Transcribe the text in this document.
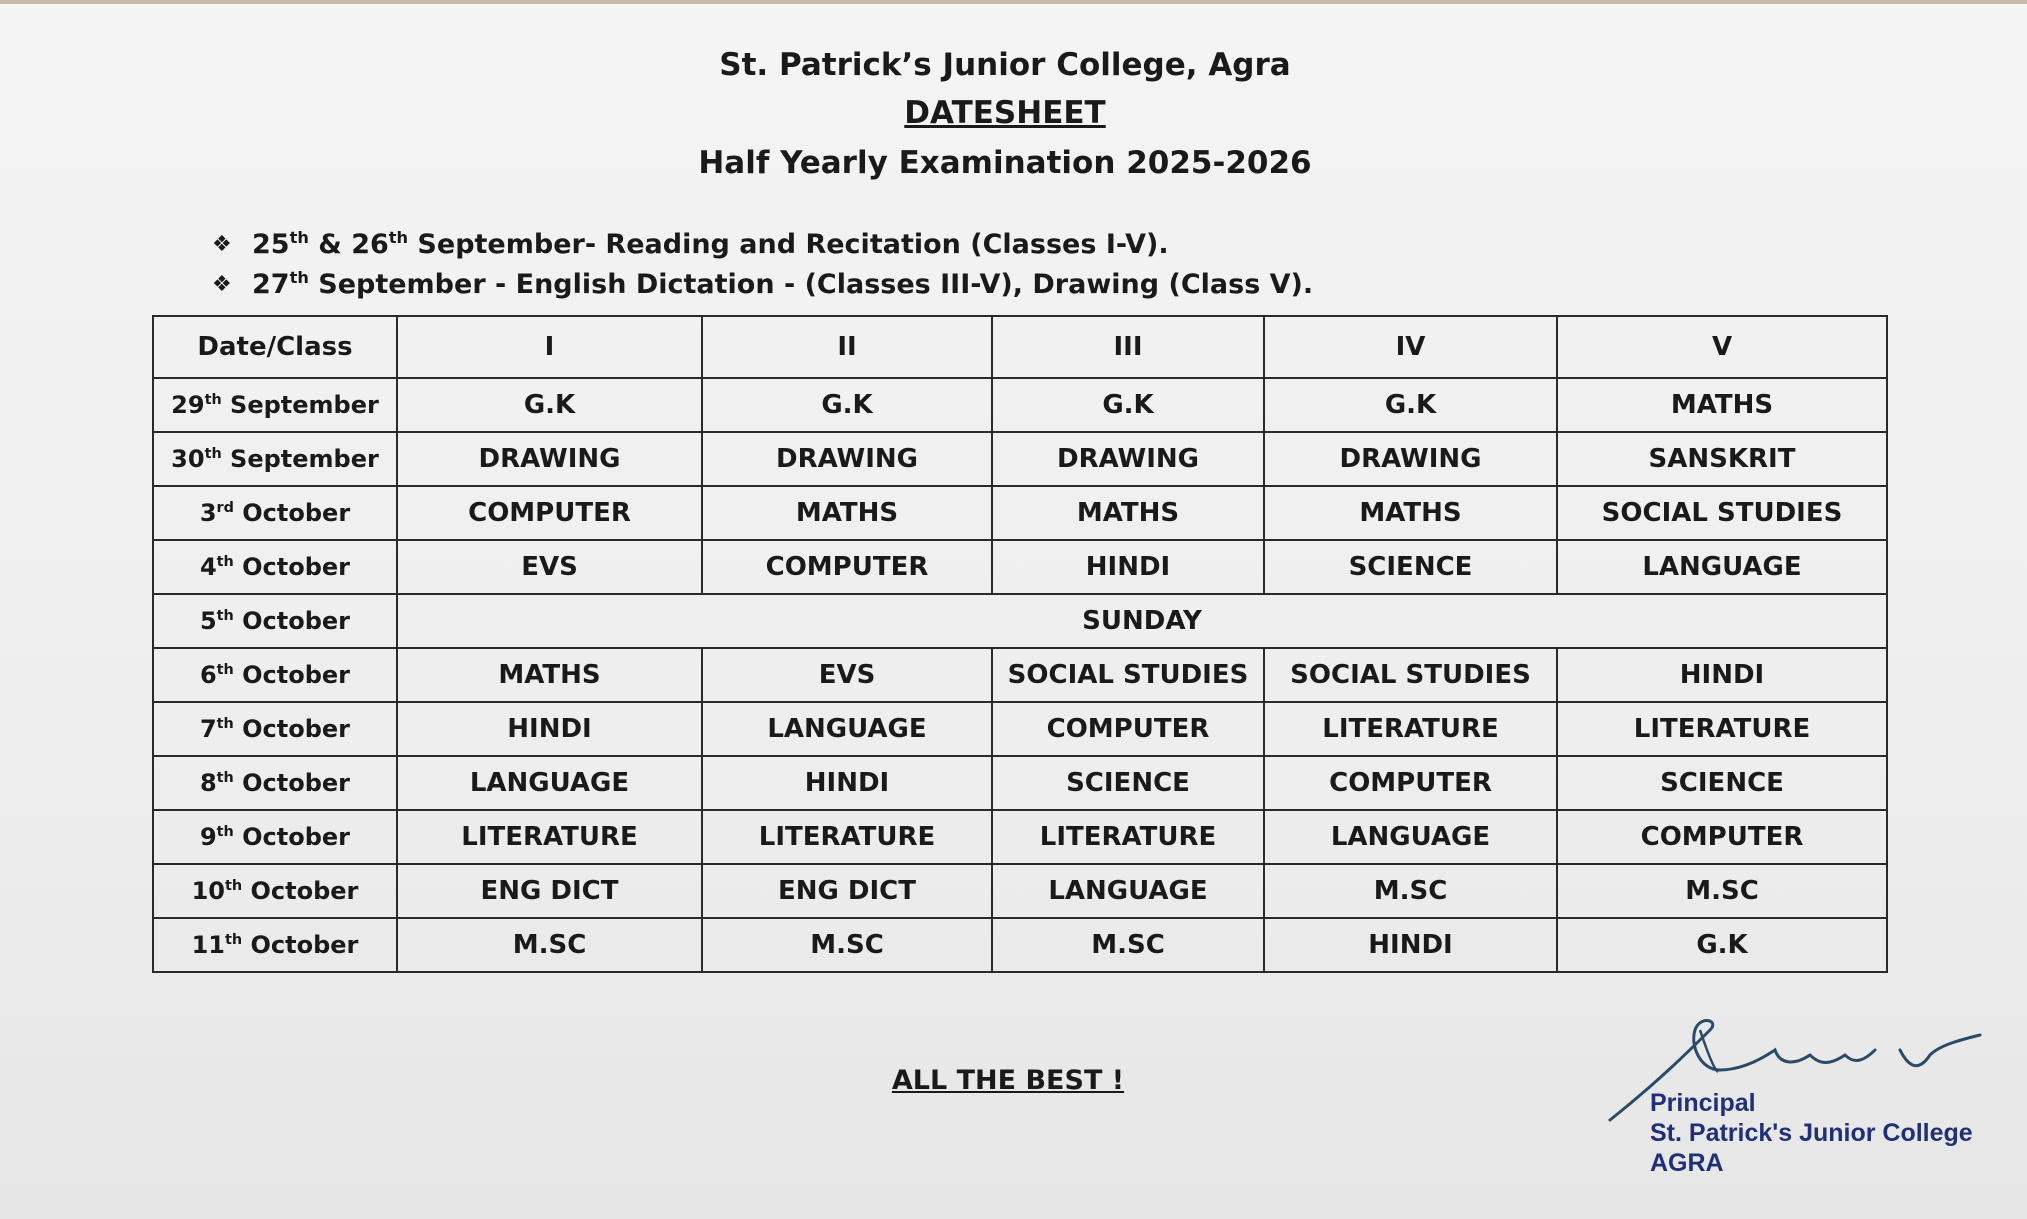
St. Patrick’s Junior College, Agra
DATESHEET
Half Yearly Examination 2025-2026
❖ 25th & 26th September- Reading and Recitation (Classes I-V).
❖ 27th September - English Dictation - (Classes III-V), Drawing (Class V).
Date/Class	I	II	III	IV	V
29th September	G.K	G.K	G.K	G.K	MATHS
30th September	DRAWING	DRAWING	DRAWING	DRAWING	SANSKRIT
3rd October	COMPUTER	MATHS	MATHS	MATHS	SOCIAL STUDIES
4th October	EVS	COMPUTER	HINDI	SCIENCE	LANGUAGE
5th October	SUNDAY				
6th October	MATHS	EVS	SOCIAL STUDIES	SOCIAL STUDIES	HINDI
7th October	HINDI	LANGUAGE	COMPUTER	LITERATURE	LITERATURE
8th October	LANGUAGE	HINDI	SCIENCE	COMPUTER	SCIENCE
9th October	LITERATURE	LITERATURE	LITERATURE	LANGUAGE	COMPUTER
10th October	ENG DICT	ENG DICT	LANGUAGE	M.SC	M.SC
11th October	M.SC	M.SC	M.SC	HINDI	G.K
ALL THE BEST !
Principal
St. Patrick's Junior College
AGRA
